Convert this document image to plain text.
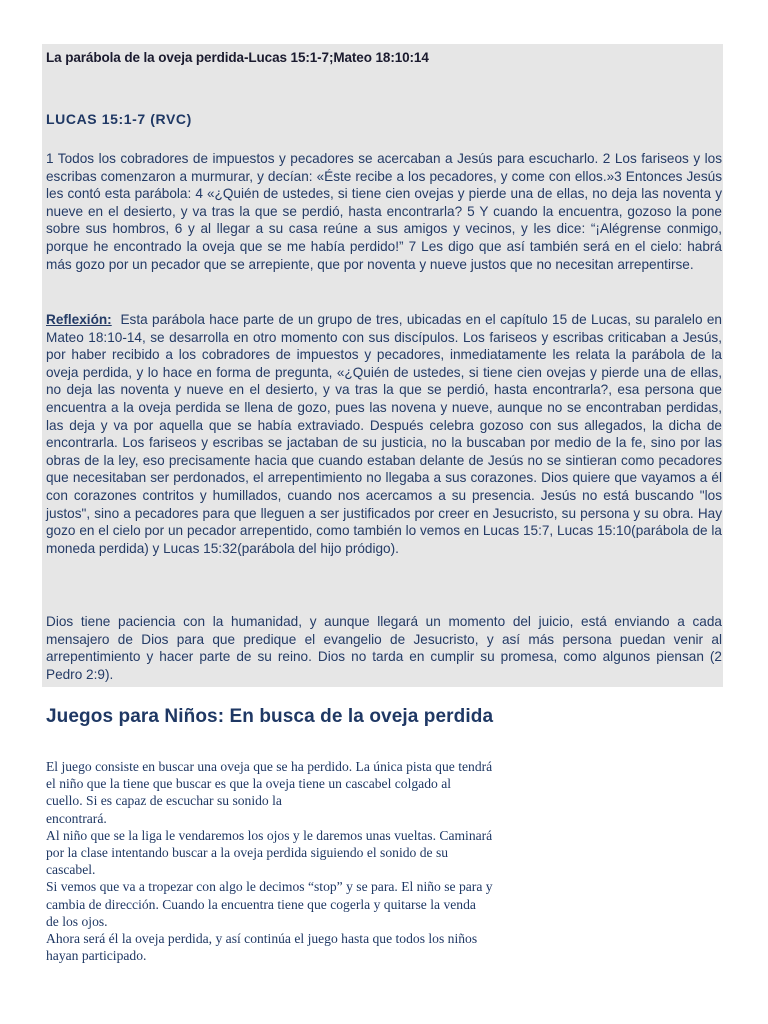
La parábola de la oveja perdida-Lucas 15:1-7;Mateo 18:10:14
LUCAS 15:1-7 (RVC)

1 Todos los cobradores de impuestos y pecadores se acercaban a Jesús para escucharlo. 2 Los fariseos y los escribas comenzaron a murmurar, y decían: «Éste recibe a los pecadores, y come con ellos.»3 Entonces Jesús les contó esta parábola: 4 «¿Quién de ustedes, si tiene cien ovejas y pierde una de ellas, no deja las noventa y nueve en el desierto, y va tras la que se perdió, hasta encontrarla? 5 Y cuando la encuentra, gozoso la pone sobre sus hombros, 6 y al llegar a su casa reúne a sus amigos y vecinos, y les dice: “¡Alégrense conmigo, porque he encontrado la oveja que se me había perdido!” 7 Les digo que así también será en el cielo: habrá más gozo por un pecador que se arrepiente, que por noventa y nueve justos que no necesitan arrepentirse.

Reflexión: Esta parábola hace parte de un grupo de tres, ubicadas en el capítulo 15 de Lucas, su paralelo en Mateo 18:10-14, se desarrolla en otro momento con sus discípulos. Los fariseos y escribas criticaban a Jesús, por haber recibido a los cobradores de impuestos y pecadores, inmediatamente les relata la parábola de la oveja perdida, y lo hace en forma de pregunta, «¿Quién de ustedes, si tiene cien ovejas y pierde una de ellas, no deja las noventa y nueve en el desierto, y va tras la que se perdió, hasta encontrarla?, esa persona que encuentra a la oveja perdida se llena de gozo, pues las novena y nueve, aunque no se encontraban perdidas, las deja y va por aquella que se había extraviado. Después celebra gozoso con sus allegados, la dicha de encontrarla. Los fariseos y escribas se jactaban de su justicia, no la buscaban por medio de la fe, sino por las obras de la ley, eso precisamente hacia que cuando estaban delante de Jesús no se sintieran como pecadores que necesitaban ser perdonados, el arrepentimiento no llegaba a sus corazones. Dios quiere que vayamos a él con corazones contritos y humillados, cuando nos acercamos a su presencia. Jesús no está buscando "los justos", sino a pecadores para que lleguen a ser justificados por creer en Jesucristo, su persona y su obra. Hay gozo en el cielo por un pecador arrepentido, como también lo vemos en Lucas 15:7, Lucas 15:10(parábola de la moneda perdida) y Lucas 15:32(parábola del hijo pródigo).

Dios tiene paciencia con la humanidad, y aunque llegará un momento del juicio, está enviando a cada mensajero de Dios para que predique el evangelio de Jesucristo, y así más persona puedan venir al arrepentimiento y hacer parte de su reino. Dios no tarda en cumplir su promesa, como algunos piensan (2 Pedro 2:9).

Juegos para Niños: En busca de la oveja perdida
El juego consiste en buscar una oveja que se ha perdido. La única pista que tendrá
el niño que la tiene que buscar es que la oveja tiene un cascabel colgado al
cuello. Si es capaz de escuchar su sonido la
encontrará.
Al niño que se la liga le vendaremos los ojos y le daremos unas vueltas. Caminará
por la clase intentando buscar a la oveja perdida siguiendo el sonido de su
cascabel.
Si vemos que va a tropezar con algo le decimos “stop” y se para. El niño se para y
cambia de dirección. Cuando la encuentra tiene que cogerla y quitarse la venda
de los ojos.
Ahora será él la oveja perdida, y así continúa el juego hasta que todos los niños
hayan participado.
